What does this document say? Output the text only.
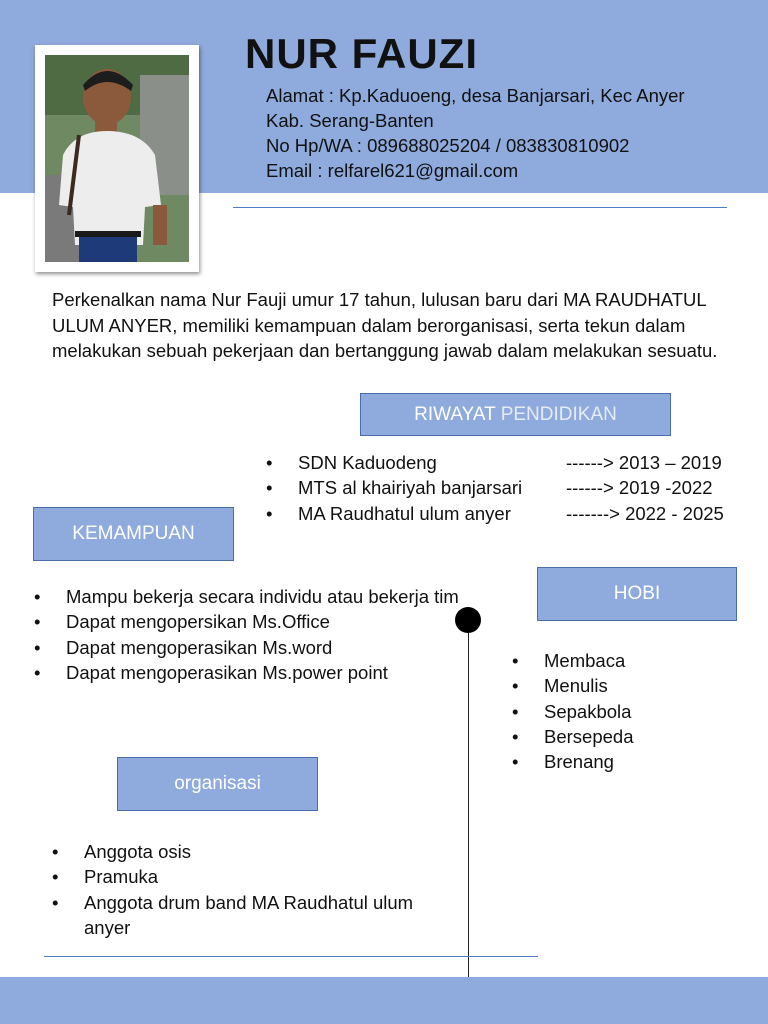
NUR FAUZI
Alamat : Kp.Kaduoeng, desa Banjarsari, Kec Anyer
Kab. Serang-Banten
No Hp/WA : 089688025204 / 083830810902
Email : relfarel621@gmail.com
Perkenalkan nama Nur Fauji umur 17 tahun, lulusan baru dari MA RAUDHATUL ULUM ANYER, memiliki kemampuan dalam berorganisasi, serta tekun dalam melakukan sebuah pekerjaan dan bertanggung jawab dalam melakukan sesuatu.
RIWAYAT PENDIDIKAN
• SDN Kaduodeng	------> 2013 – 2019
• MTS al khairiyah banjarsari	------> 2019 -2022
• MA Raudhatul ulum anyer	-------> 2022 - 2025
KEMAMPUAN
• Mampu bekerja secara individu atau bekerja tim
• Dapat mengopersikan Ms.Office
• Dapat mengoperasikan Ms.word
• Dapat mengoperasikan Ms.power point
HOBI
• Membaca
• Menulis
• Sepakbola
• Bersepeda
• Brenang
organisasi
• Anggota osis
• Pramuka
• Anggota drum band MA Raudhatul ulum anyer
